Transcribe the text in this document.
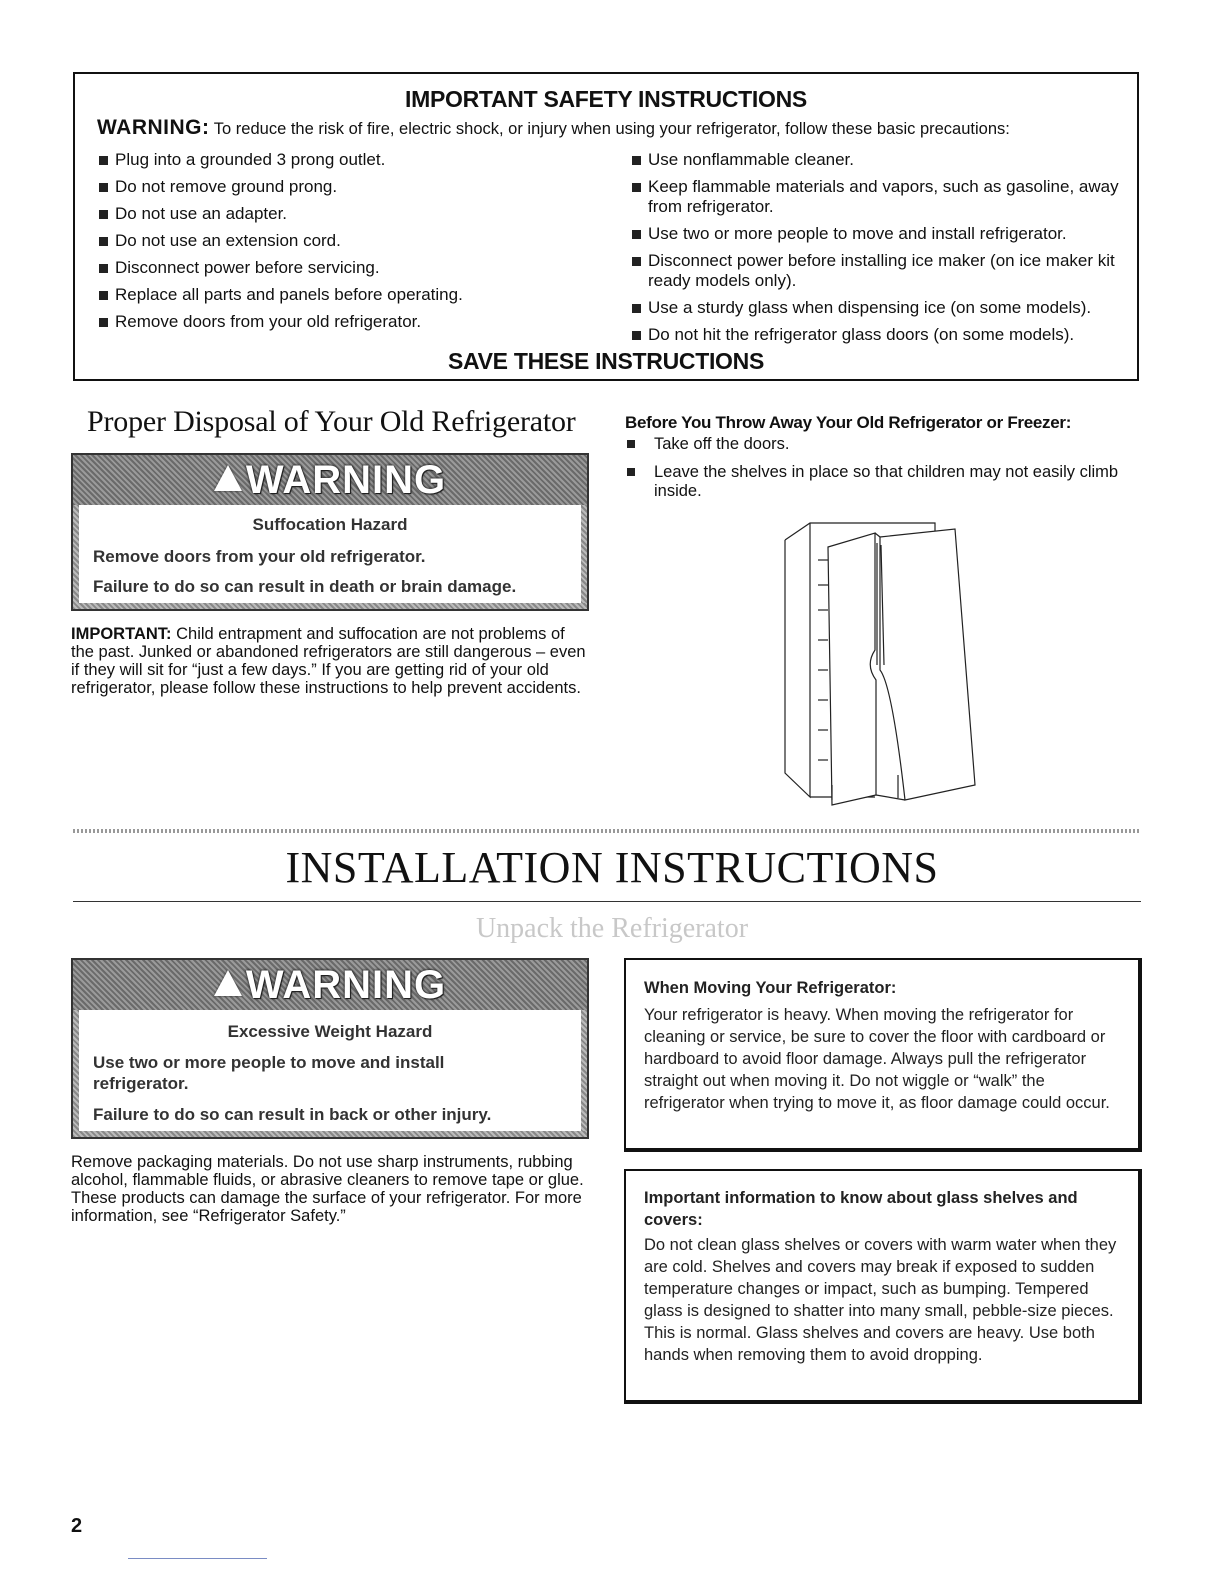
IMPORTANT SAFETY INSTRUCTIONS
WARNING: To reduce the risk of fire, electric shock, or injury when using your refrigerator, follow these basic precautions:
Plug into a grounded 3 prong outlet.
Do not remove ground prong.
Do not use an adapter.
Do not use an extension cord.
Disconnect power before servicing.
Replace all parts and panels before operating.
Remove doors from your old refrigerator.
Use nonflammable cleaner.
Keep flammable materials and vapors, such as gasoline, away from refrigerator.
Use two or more people to move and install refrigerator.
Disconnect power before installing ice maker (on ice maker kit ready models only).
Use a sturdy glass when dispensing ice (on some models).
Do not hit the refrigerator glass doors (on some models).
SAVE THESE INSTRUCTIONS
Proper Disposal of Your Old Refrigerator
WARNING
Suffocation Hazard
Remove doors from your old refrigerator.
Failure to do so can result in death or brain damage.
IMPORTANT: Child entrapment and suffocation are not problems of the past. Junked or abandoned refrigerators are still dangerous – even if they will sit for “just a few days.” If you are getting rid of your old refrigerator, please follow these instructions to help prevent accidents.
Before You Throw Away Your Old Refrigerator or Freezer:
Take off the doors.
Leave the shelves in place so that children may not easily climb inside.
INSTALLATION INSTRUCTIONS
Unpack the Refrigerator
WARNING
Excessive Weight Hazard
Use two or more people to move and install refrigerator.
Failure to do so can result in back or other injury.
Remove packaging materials. Do not use sharp instruments, rubbing alcohol, flammable fluids, or abrasive cleaners to remove tape or glue. These products can damage the surface of your refrigerator. For more information, see “Refrigerator Safety.”
When Moving Your Refrigerator:
Your refrigerator is heavy. When moving the refrigerator for cleaning or service, be sure to cover the floor with cardboard or hardboard to avoid floor damage. Always pull the refrigerator straight out when moving it. Do not wiggle or “walk” the refrigerator when trying to move it, as floor damage could occur.
Important information to know about glass shelves and covers:
Do not clean glass shelves or covers with warm water when they are cold. Shelves and covers may break if exposed to sudden temperature changes or impact, such as bumping. Tempered glass is designed to shatter into many small, pebble-size pieces. This is normal. Glass shelves and covers are heavy. Use both hands when removing them to avoid dropping.
2
